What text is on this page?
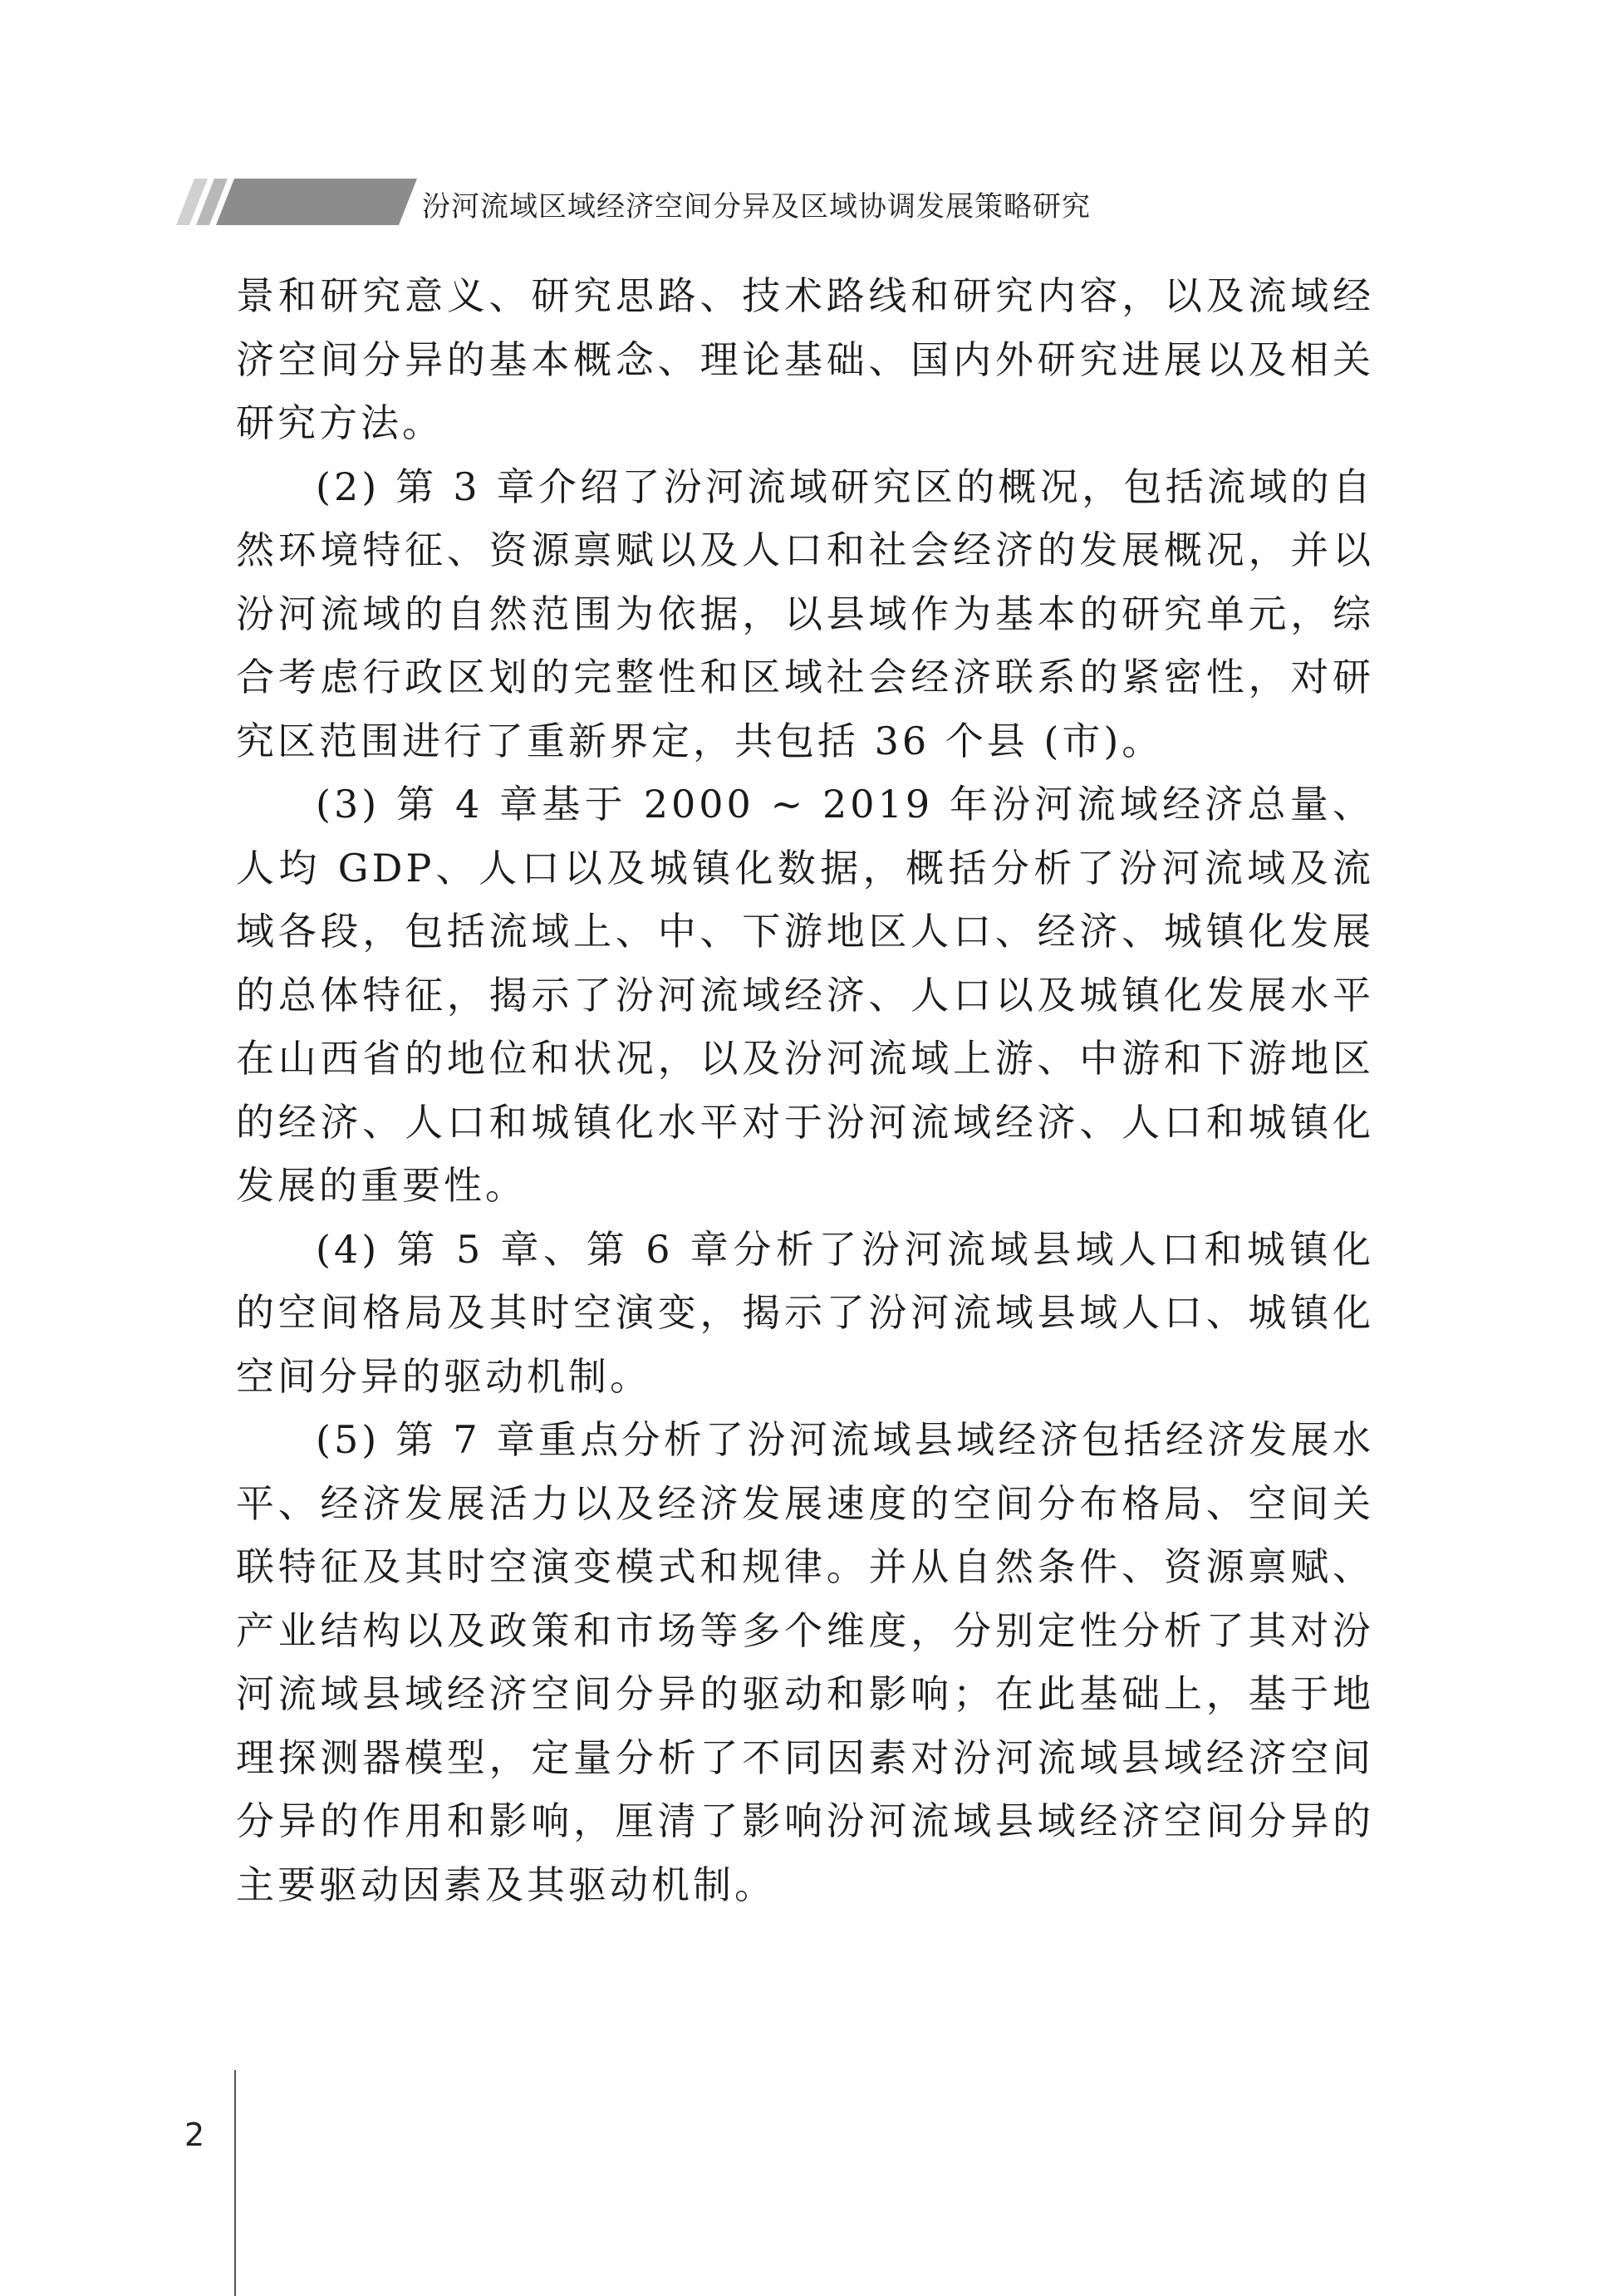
汾河流域区域经济空间分异及区域协调发展策略研究

景和研究意义、研究思路、技术路线和研究内容，以及流域经济空间分异的基本概念、理论基础、国内外研究进展以及相关研究方法。

(2) 第 3 章介绍了汾河流域研究区的概况，包括流域的自然环境特征、资源禀赋以及人口和社会经济的发展概况，并以汾河流域的自然范围为依据，以县域作为基本的研究单元，综合考虑行政区划的完整性和区域社会经济联系的紧密性，对研究区范围进行了重新界定，共包括 36 个县 (市)。

(3) 第 4 章基于 2000 ~ 2019 年汾河流域经济总量、人均 GDP、人口以及城镇化数据，概括分析了汾河流域及流域各段，包括流域上、中、下游地区人口、经济、城镇化发展的总体特征，揭示了汾河流域经济、人口以及城镇化发展水平在山西省的地位和状况，以及汾河流域上游、中游和下游地区的经济、人口和城镇化水平对于汾河流域经济、人口和城镇化发展的重要性。

(4) 第 5 章、第 6 章分析了汾河流域县域人口和城镇化的空间格局及其时空演变，揭示了汾河流域县域人口、城镇化空间分异的驱动机制。

(5) 第 7 章重点分析了汾河流域县域经济包括经济发展水平、经济发展活力以及经济发展速度的空间分布格局、空间关联特征及其时空演变模式和规律。并从自然条件、资源禀赋、产业结构以及政策和市场等多个维度，分别定性分析了其对汾河流域县域经济空间分异的驱动和影响；在此基础上，基于地理探测器模型，定量分析了不同因素对汾河流域县域经济空间分异的作用和影响，厘清了影响汾河流域县域经济空间分异的主要驱动因素及其驱动机制。

2
